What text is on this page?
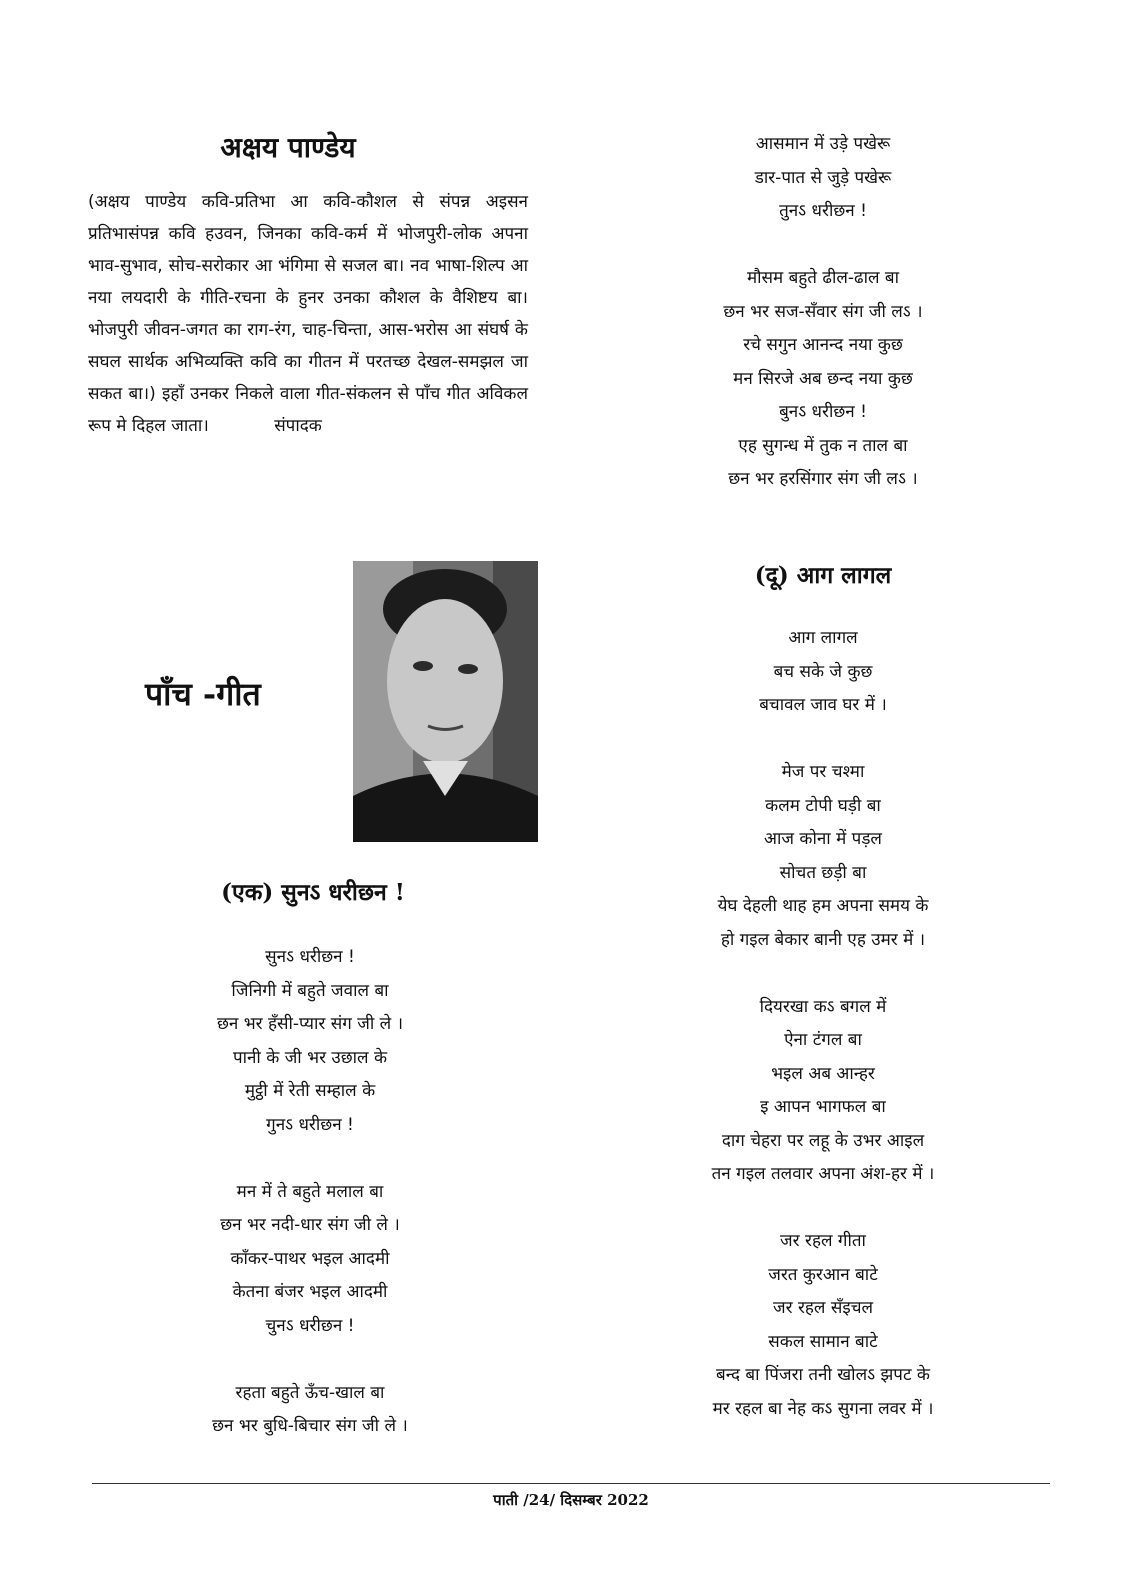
अक्षय पाण्डेय
(अक्षय पाण्डेय कवि-प्रतिभा आ कवि-कौशल से संपन्न अइसन प्रतिभासंपन्न कवि हउवन, जिनका कवि-कर्म में भोजपुरी-लोक अपना भाव-सुभाव, सोच-सरोकार आ भंगिमा से सजल बा। नव भाषा-शिल्प आ नया लयदारी के गीति-रचना के हुनर उनका कौशल के वैशिष्टय बा। भोजपुरी जीवन-जगत का राग-रंग, चाह-चिन्ता, आस-भरोस आ संघर्ष के सघल सार्थक अभिव्यक्ति कवि का गीतन में परतच्छ देखल-समझल जा सकत बा।) इहाँ उनकर निकले वाला गीत-संकलन से पाँच गीत अविकल रूप मे दिहल जाता।	संपादक
पाँच -गीत
(एक) सुनऽ धरीछन !
सुनऽ धरीछन !
जिनिगी में बहुते जवाल बा
छन भर हँसी-प्यार संग जी ले ।
पानी के जी भर उछाल के
मुट्ठी में रेती सम्हाल के
गुनऽ धरीछन !
मन में ते बहुते मलाल बा
छन भर नदी-धार संग जी ले ।
काँकर-पाथर भइल आदमी
केतना बंजर भइल आदमी
चुनऽ धरीछन !
रहता बहुते ऊँच-खाल बा
छन भर बुधि-बिचार संग जी ले ।
आसमान में उड़े पखेरू
डार-पात से जुड़े पखेरू
तुनऽ धरीछन !
मौसम बहुते ढील-ढाल बा
छन भर सज-सँवार संग जी लऽ ।
रचे सगुन आनन्द नया कुछ
मन सिरजे अब छन्द नया कुछ
बुनऽ धरीछन !
एह सुगन्ध में तुक न ताल बा
छन भर हरसिंगार संग जी लऽ ।
(दू) आग लागल
आग लागल
बच सके जे कुछ
बचावल जाव घर में ।
मेज पर चश्मा
कलम टोपी घड़ी बा
आज कोना में पड़ल
सोचत छड़ी बा
येघ देहली थाह हम अपना समय के
हो गइल बेकार बानी एह उमर में ।
दियरखा कऽ बगल में
ऐना टंगल बा
भइल अब आन्हर
इ आपन भागफल बा
दाग चेहरा पर लहू के उभर आइल
तन गइल तलवार अपना अंश-हर में ।
जर रहल गीता
जरत कुरआन बाटे
जर रहल सँइचल
सकल सामान बाटे
बन्द बा पिंजरा तनी खोलऽ झपट के
मर रहल बा नेह कऽ सुगना लवर में ।
पाती /24/ दिसम्बर 2022
